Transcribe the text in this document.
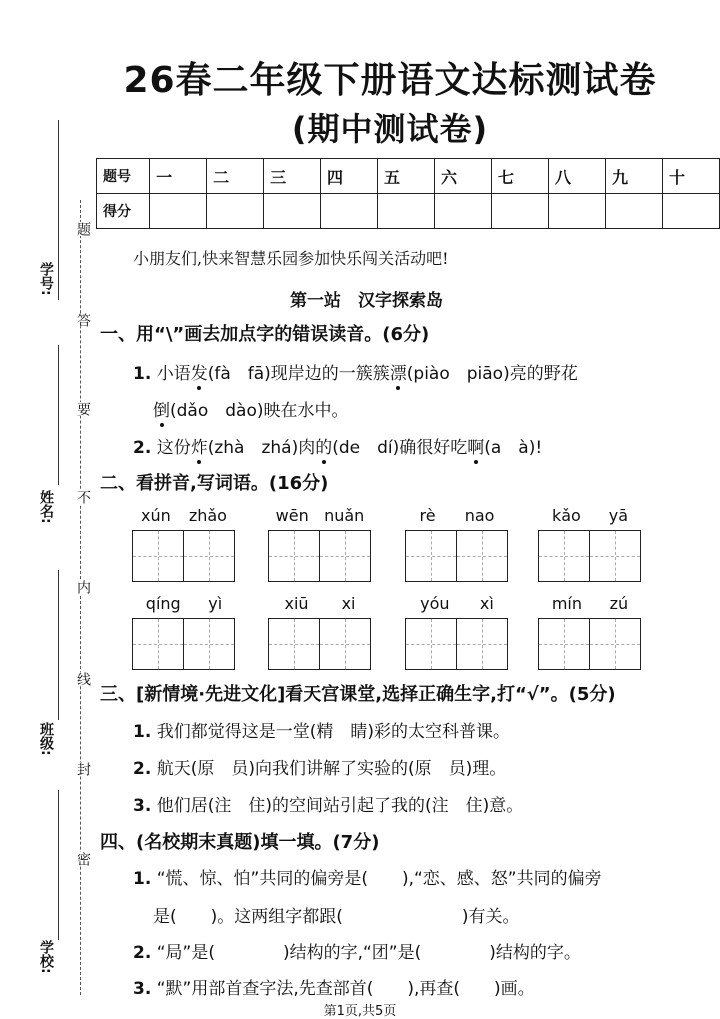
26春二年级下册语文达标测试卷
(期中测试卷)
题号	一	二	三	四	五	六	七	八	九	十
得分										
学号:
姓名:
班级:
学校:
题
答
要
不
内
线
封
密
小朋友们,快来智慧乐园参加快乐闯关活动吧!
第一站　汉字探索岛
一、用“\”画去加点字的错误读音。(6分)
1. 小语发(fà　fā)现岸边的一簇簇漂(piào　piāo)亮的野花
倒(dǎo　dào)映在水中。
2. 这份炸(zhà　zhá)肉的(de　dí)确很好吃啊(a　à)!
二、看拼音,写词语。(16分)
xún zhǎo	wēn nuǎn	rè nao	kǎo yā
qíng yì	xiū xi	yóu xì	mín zú
三、[新情境·先进文化]看天宫课堂,选择正确生字,打“√”。(5分)
1. 我们都觉得这是一堂(精　睛)彩的太空科普课。
2. 航天(原　员)向我们讲解了实验的(原　员)理。
3. 他们居(注　住)的空间站引起了我的(注　住)意。
四、(名校期末真题)填一填。(7分)
1. “慌、惊、怕”共同的偏旁是(　　),“恋、感、怒”共同的偏旁
是(　　)。这两组字都跟(　　　　　　　)有关。
2. “局”是(　　　　)结构的字,“团”是(　　　　)结构的字。
3. “默”用部首查字法,先查部首(　　),再查(　　)画。
第1页,共5页
